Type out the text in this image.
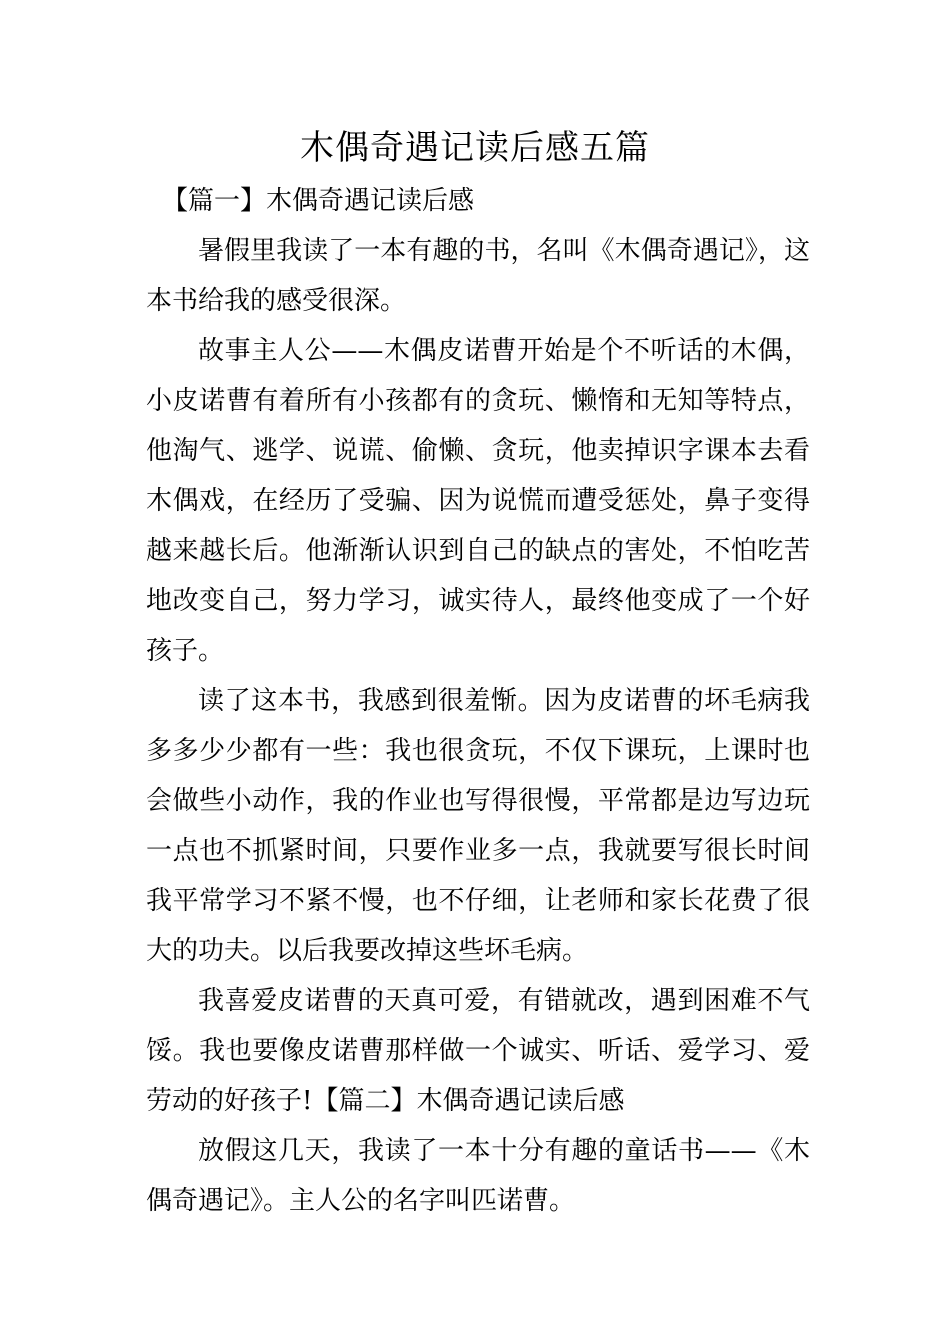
木偶奇遇记读后感五篇

【篇一】木偶奇遇记读后感

暑假里我读了一本有趣的书，名叫《木偶奇遇记》，这本书给我的感受很深。

故事主人公——木偶皮诺曹开始是个不听话的木偶，小皮诺曹有着所有小孩都有的贪玩、懒惰和无知等特点，他淘气、逃学、说谎、偷懒、贪玩，他卖掉识字课本去看木偶戏，在经历了受骗、因为说慌而遭受惩处，鼻子变得越来越长后。他渐渐认识到自己的缺点的害处，不怕吃苦地改变自己，努力学习，诚实待人，最终他变成了一个好孩子。

读了这本书，我感到很羞惭。因为皮诺曹的坏毛病我多多少少都有一些：我也很贪玩，不仅下课玩，上课时也会做些小动作，我的作业也写得很慢，平常都是边写边玩一点也不抓紧时间，只要作业多一点，我就要写很长时间我平常学习不紧不慢，也不仔细，让老师和家长花费了很大的功夫。以后我要改掉这些坏毛病。

我喜爱皮诺曹的天真可爱，有错就改，遇到困难不气馁。我也要像皮诺曹那样做一个诚实、听话、爱学习、爱劳动的好孩子!【篇二】木偶奇遇记读后感

放假这几天，我读了一本十分有趣的童话书——《木偶奇遇记》。主人公的名字叫匹诺曹。
